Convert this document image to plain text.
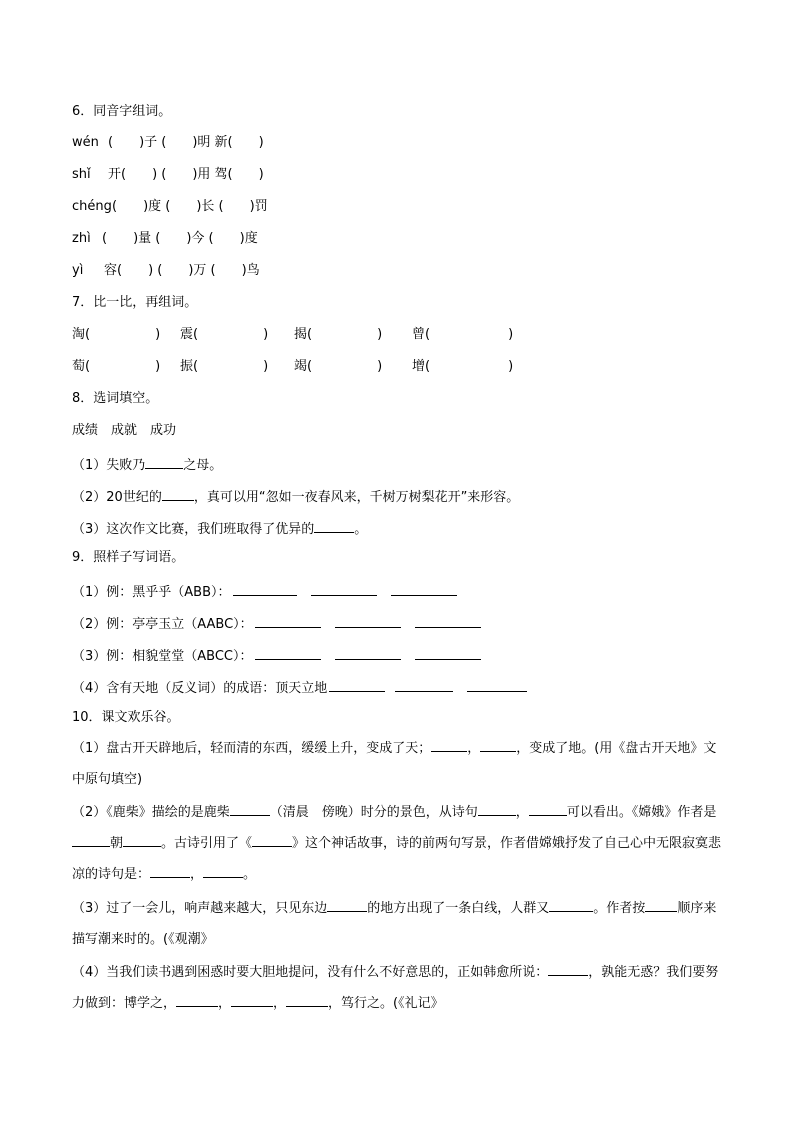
6．同音字组词。
wén (　　)子 (　　)明 新(　　)
shǐ 开(　　) (　　)用 驾(　　)
chéng (　　)度 (　　)长 (　　)罚
zhì (　　)量 (　　)今 (　　)度
yì 容(　　) (　　)万 (　　)鸟
7．比一比，再组词。
淘(　　　　　) 震(　　　　　) 揭(　　　　　) 曾(　　　　　　)
萄(　　　　　) 振(　　　　　) 竭(　　　　　) 增(　　　　　　)
8．选词填空。
成绩　成就　成功
（1）失败乃	之母。
（2）20世纪的 ，真可以用“忽如一夜春风来，千树万树梨花开”来形容。
（3）这次作文比赛，我们班取得了优异的	。
9．照样子写词语。
（1）例：黑乎乎（ABB）：
（2）例：亭亭玉立（AABC）：
（3）例：相貌堂堂（ABCC）：
（4）含有天地（反义词）的成语：顶天立地
10．课文欢乐谷。
（1）盘古开天辟地后，轻而清的东西，缓缓上升，变成了天；	，	，变成了地。(用《盘古开天地》文中原句填空)
（2）《鹿柴》描绘的是鹿柴	（清晨　傍晚）时分的景色，从诗句	，	可以看出。《嫦娥》作者是朝	。古诗引用了《	》这个神话故事，诗的前两句写景，作者借嫦娥抒发了自己心中无限寂寞悲凉的诗句是：	，	。
（3）过了一会儿，响声越来越大，只见东边	的地方出现了一条白线，人群又	。作者按 顺序来描写潮来时的。(《观潮》
（4）当我们读书遇到困惑时要大胆地提问，没有什么不好意思的，正如韩愈所说：	，孰能无惑？我们要努力做到：博学之，	，	，	，笃行之。(《礼记》
